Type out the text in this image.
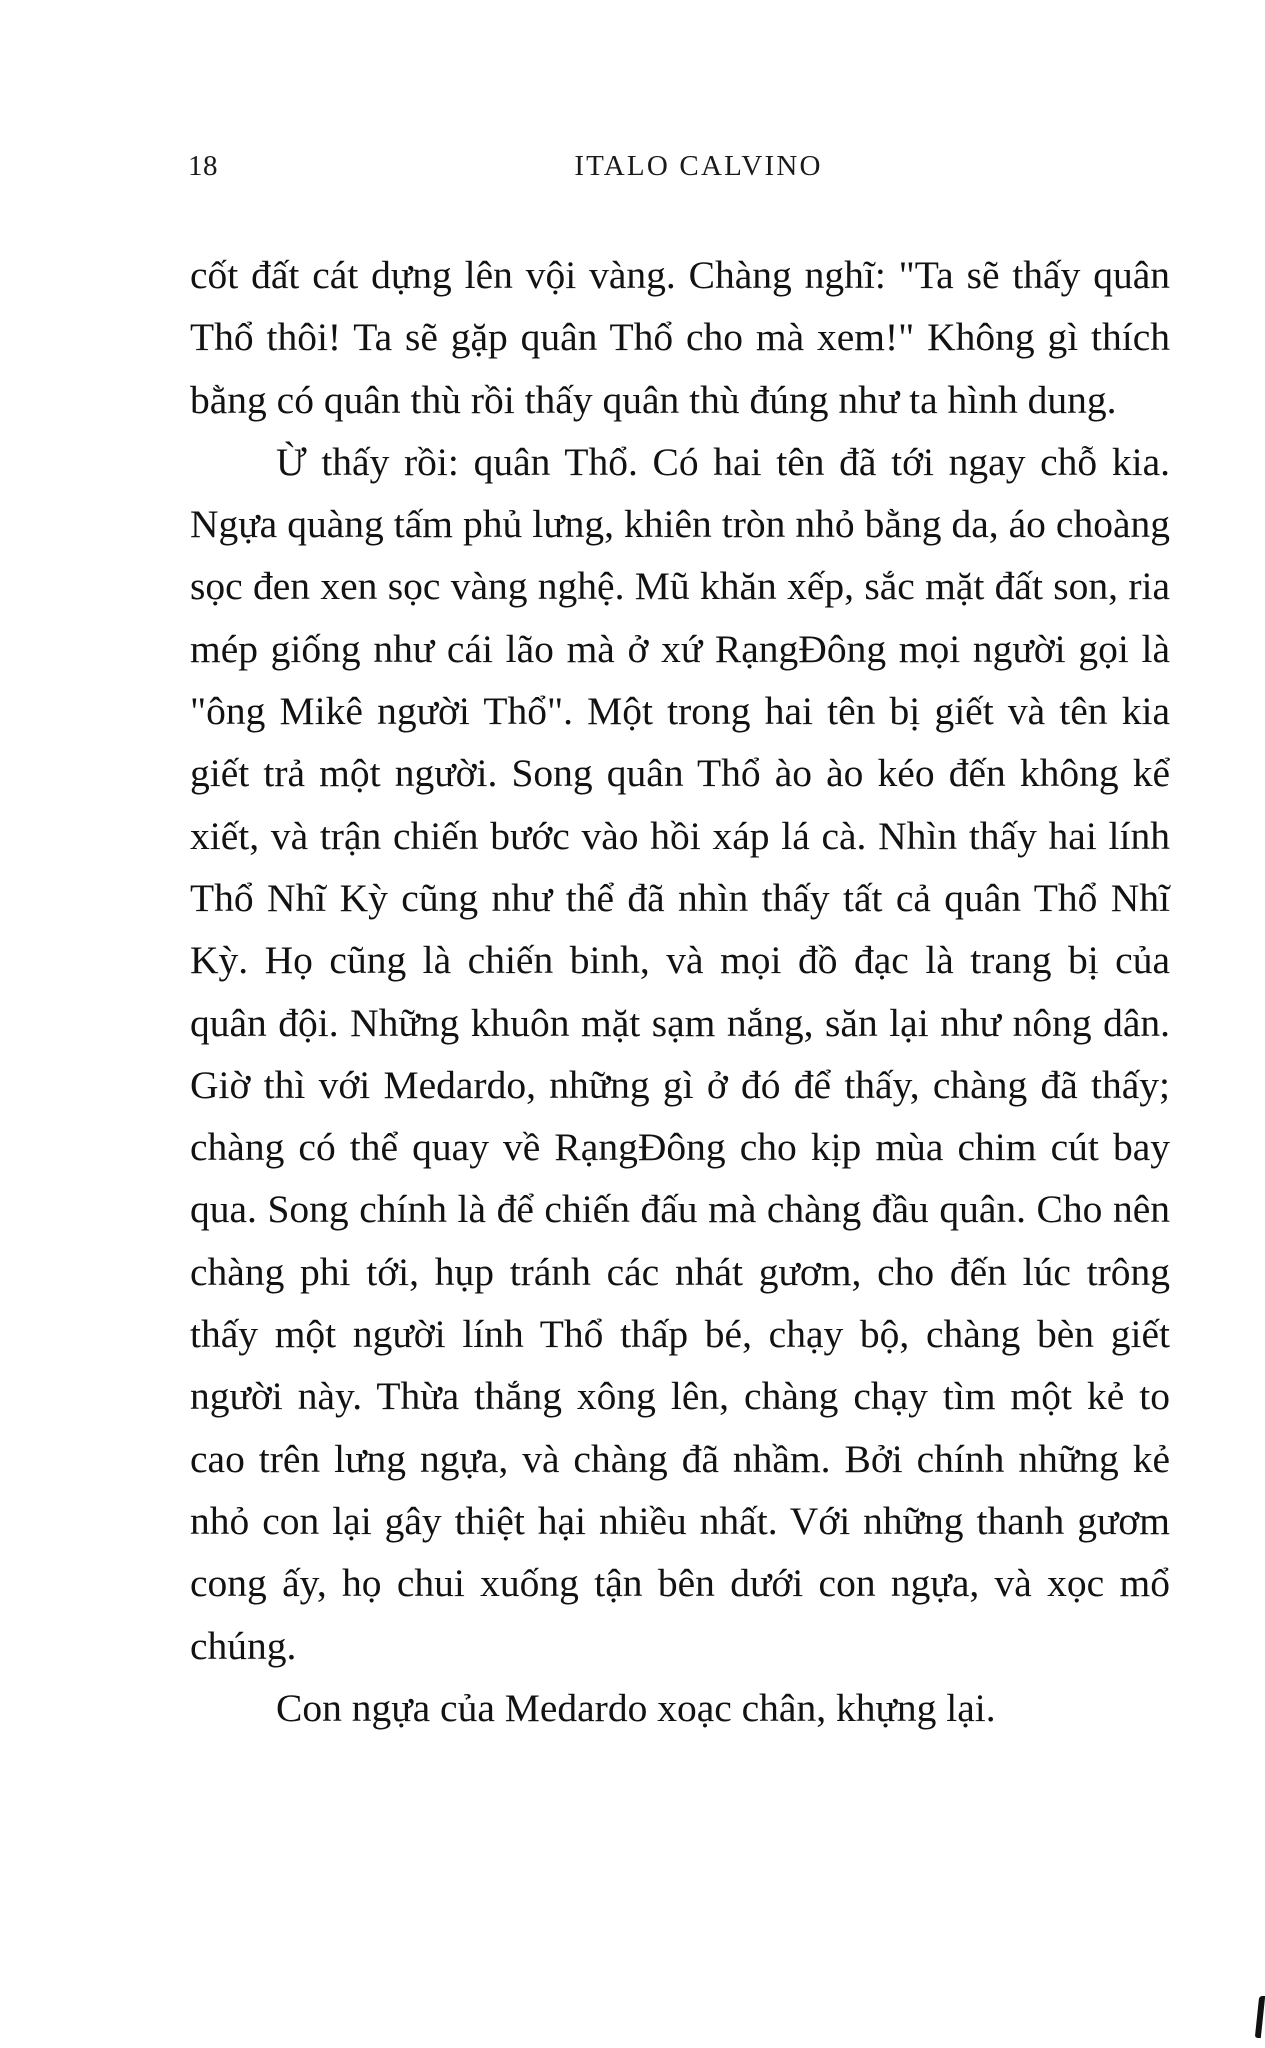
18	ITALO CALVINO

cốt đất cát dựng lên vội vàng. Chàng nghĩ: "Ta sẽ thấy quân Thổ thôi! Ta sẽ gặp quân Thổ cho mà xem!" Không gì thích bằng có quân thù rồi thấy quân thù đúng như ta hình dung.

Ừ thấy rồi: quân Thổ. Có hai tên đã tới ngay chỗ kia. Ngựa quàng tấm phủ lưng, khiên tròn nhỏ bằng da, áo choàng sọc đen xen sọc vàng nghệ. Mũ khăn xếp, sắc mặt đất son, ria mép giống như cái lão mà ở xứ RạngĐông mọi người gọi là "ông Mikê người Thổ". Một trong hai tên bị giết và tên kia giết trả một người. Song quân Thổ ào ào kéo đến không kể xiết, và trận chiến bước vào hồi xáp lá cà. Nhìn thấy hai lính Thổ Nhĩ Kỳ cũng như thể đã nhìn thấy tất cả quân Thổ Nhĩ Kỳ. Họ cũng là chiến binh, và mọi đồ đạc là trang bị của quân đội. Những khuôn mặt sạm nắng, săn lại như nông dân. Giờ thì với Medardo, những gì ở đó để thấy, chàng đã thấy; chàng có thể quay về RạngĐông cho kịp mùa chim cút bay qua. Song chính là để chiến đấu mà chàng đầu quân. Cho nên chàng phi tới, hụp tránh các nhát gươm, cho đến lúc trông thấy một người lính Thổ thấp bé, chạy bộ, chàng bèn giết người này. Thừa thắng xông lên, chàng chạy tìm một kẻ to cao trên lưng ngựa, và chàng đã nhầm. Bởi chính những kẻ nhỏ con lại gây thiệt hại nhiều nhất. Với những thanh gươm cong ấy, họ chui xuống tận bên dưới con ngựa, và xọc mổ chúng.

Con ngựa của Medardo xoạc chân, khựng lại.
